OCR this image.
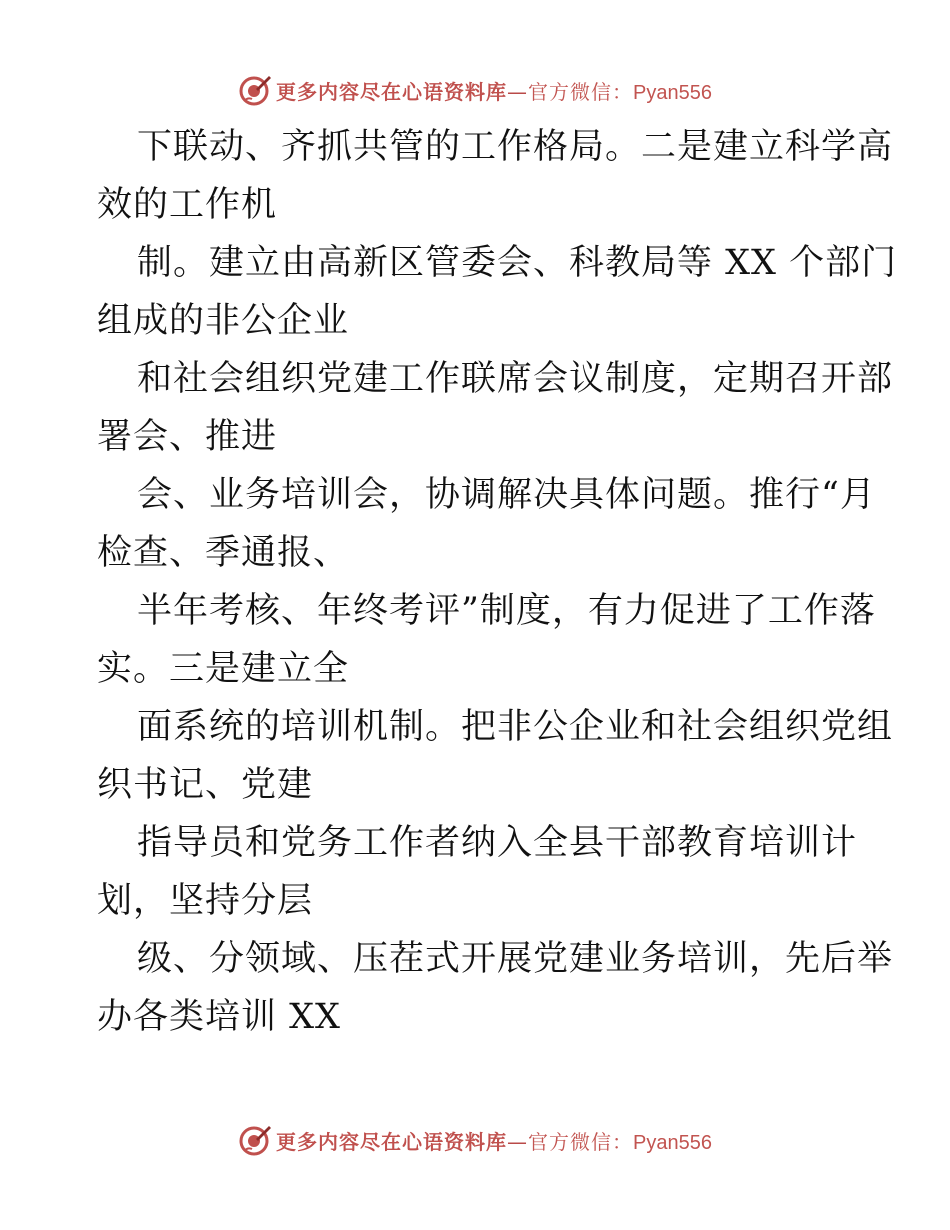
更多内容尽在心语资料库—官方微信：Pyan556
下联动、齐抓共管的工作格局。二是建立科学高
效的工作机
制。建立由高新区管委会、科教局等 XX 个部门
组成的非公企业
和社会组织党建工作联席会议制度，定期召开部
署会、推进
会、业务培训会，协调解决具体问题。推行“月
检查、季通报、
半年考核、年终考评”制度，有力促进了工作落
实。三是建立全
面系统的培训机制。把非公企业和社会组织党组
织书记、党建
指导员和党务工作者纳入全县干部教育培训计
划，坚持分层
级、分领域、压茬式开展党建业务培训，先后举
办各类培训 XX
更多内容尽在心语资料库—官方微信：Pyan556
